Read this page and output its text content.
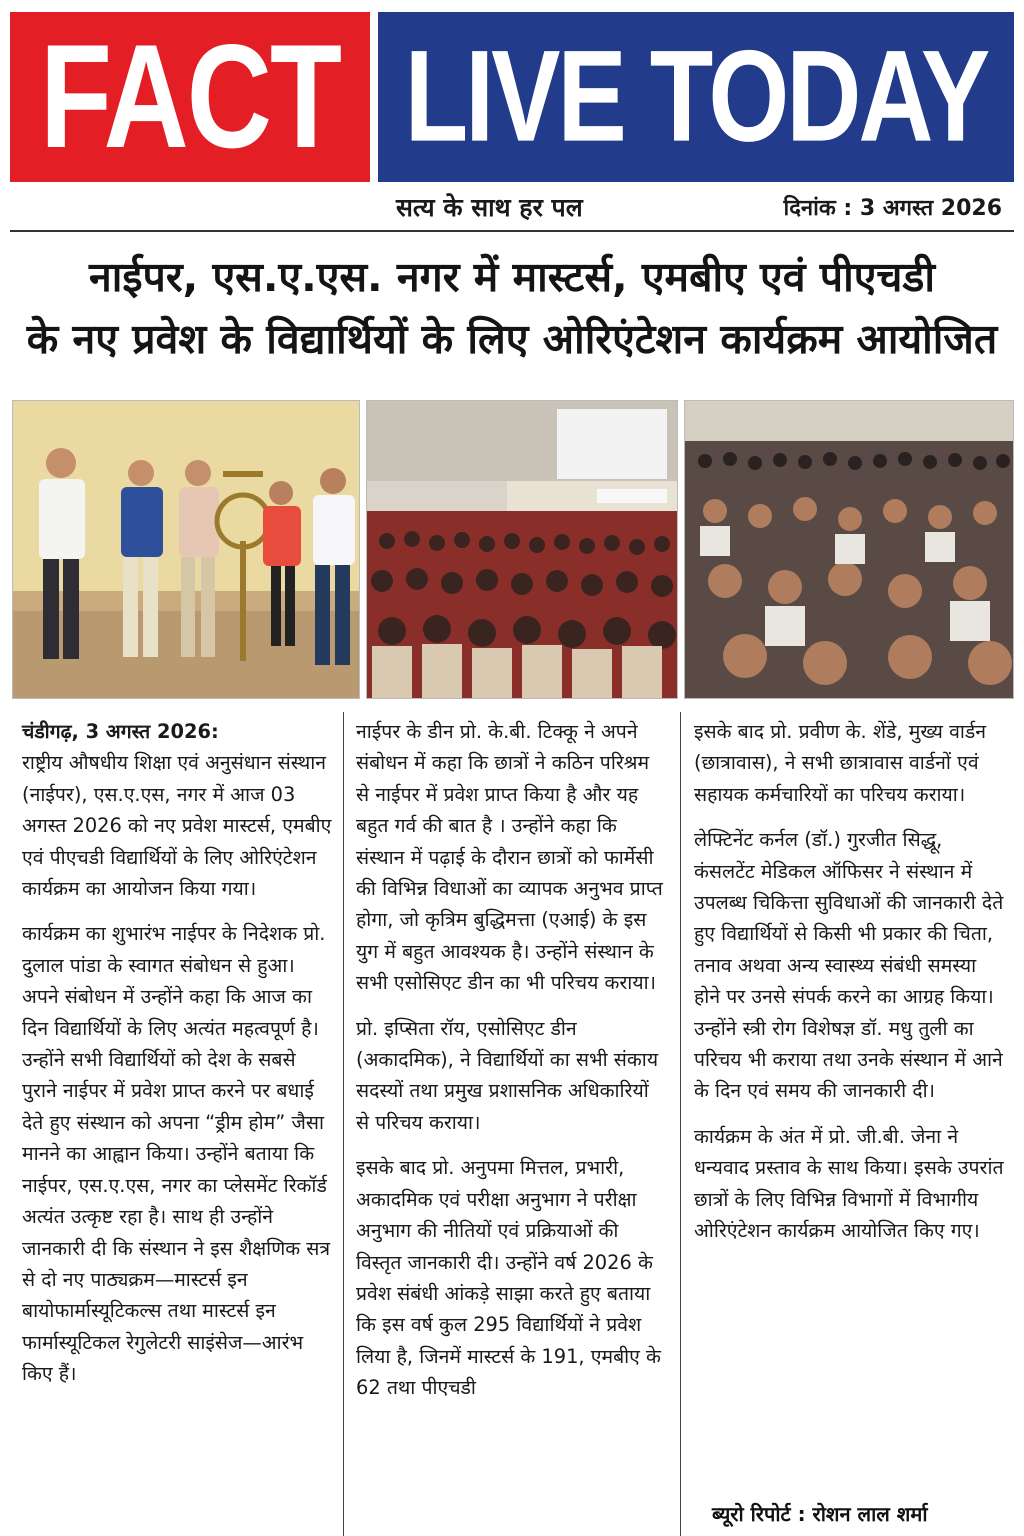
FACT LIVE TODAY
सत्य के साथ हर पल	दिनांक : 3 अगस्त 2026
नाईपर, एस.ए.एस. नगर में मास्टर्स, एमबीए एवं पीएचडी
के नए प्रवेश के विद्यार्थियों के लिए ओरिएंटेशन कार्यक्रम आयोजित
चंडीगढ़, 3 अगस्त 2026:

राष्ट्रीय औषधीय शिक्षा एवं अनुसंधान संस्थान (नाईपर), एस.ए.एस, नगर में आज 03 अगस्त 2026 को नए प्रवेश मास्टर्स, एमबीए एवं पीएचडी विद्यार्थियों के लिए ओरिएंटेशन कार्यक्रम का आयोजन किया गया।

कार्यक्रम का शुभारंभ नाईपर के निदेशक प्रो. दुलाल पांडा के स्वागत संबोधन से हुआ। अपने संबोधन में उन्होंने कहा कि आज का दिन विद्यार्थियों के लिए अत्यंत महत्वपूर्ण है। उन्होंने सभी विद्यार्थियों को देश के सबसे पुराने नाईपर में प्रवेश प्राप्त करने पर बधाई देते हुए संस्थान को अपना “ड्रीम होम” जैसा मानने का आह्वान किया। उन्होंने बताया कि नाईपर, एस.ए.एस, नगर का प्लेसमेंट रिकॉर्ड अत्यंत उत्कृष्ट रहा है। साथ ही उन्होंने जानकारी दी कि संस्थान ने इस शैक्षणिक सत्र से दो नए पाठ्यक्रम—मास्टर्स इन बायोफार्मास्यूटिकल्स तथा मास्टर्स इन फार्मास्यूटिकल रेगुलेटरी साइंसेज—आरंभ किए हैं।

नाईपर के डीन प्रो. के.बी. टिक्कू ने अपने संबोधन में कहा कि छात्रों ने कठिन परिश्रम से नाईपर में प्रवेश प्राप्त किया है और यह बहुत गर्व की बात है । उन्होंने कहा कि संस्थान में पढ़ाई के दौरान छात्रों को फार्मेसी की विभिन्न विधाओं का व्यापक अनुभव प्राप्त होगा, जो कृत्रिम बुद्धिमत्ता (एआई) के इस युग में बहुत आवश्यक है। उन्होंने संस्थान के सभी एसोसिएट डीन का भी परिचय कराया।

प्रो. इप्सिता रॉय, एसोसिएट डीन (अकादमिक), ने विद्यार्थियों का सभी संकाय सदस्यों तथा प्रमुख प्रशासनिक अधिकारियों से परिचय कराया।

इसके बाद प्रो. अनुपमा मित्तल, प्रभारी, अकादमिक एवं परीक्षा अनुभाग ने परीक्षा अनुभाग की नीतियों एवं प्रक्रियाओं की विस्तृत जानकारी दी। उन्होंने वर्ष 2026 के प्रवेश संबंधी आंकड़े साझा करते हुए बताया कि इस वर्ष कुल 295 विद्यार्थियों ने प्रवेश लिया है, जिनमें मास्टर्स के 191, एमबीए के 62 तथा पीएचडी

इसके बाद प्रो. प्रवीण के. शेंडे, मुख्य वार्डन (छात्रावास), ने सभी छात्रावास वार्डनों एवं सहायक कर्मचारियों का परिचय कराया।

लेफ्टिनेंट कर्नल (डॉ.) गुरजीत सिद्धू, कंसलटेंट मेडिकल ऑफिसर ने संस्थान में उपलब्ध चिकित्ता सुविधाओं की जानकारी देते हुए विद्यार्थियों से किसी भी प्रकार की चिता, तनाव अथवा अन्य स्वास्थ्य संबंधी समस्या होने पर उनसे संपर्क करने का आग्रह किया। उन्होंने स्त्री रोग विशेषज्ञ डॉ. मधु तुली का परिचय भी कराया तथा उनके संस्थान में आने के दिन एवं समय की जानकारी दी।

कार्यक्रम के अंत में प्रो. जी.बी. जेना ने धन्यवाद प्रस्ताव के साथ किया। इसके उपरांत छात्रों के लिए विभिन्न विभागों में विभागीय ओरिएंटेशन कार्यक्रम आयोजित किए गए।

ब्यूरो रिपोर्ट : रोशन लाल शर्मा
